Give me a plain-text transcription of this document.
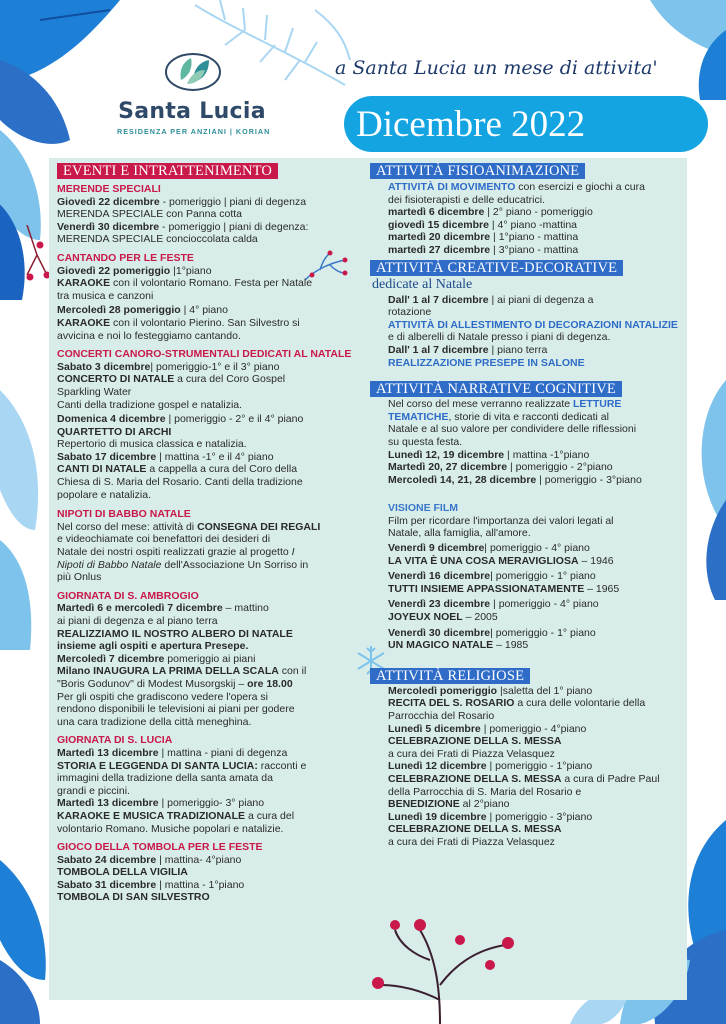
Santa Lucia
RESIDENZA PER ANZIANI | KORIAN
a Santa Lucia un mese di attivita'
Dicembre 2022
EVENTI E INTRATTENIMENTO
MERENDE SPECIALI
Giovedì 22 dicembre - pomeriggio | piani di degenza
MERENDA SPECIALE con Panna cotta
Venerdì 30 dicembre - pomeriggio | piani di degenza:
MERENDA SPECIALE concioccolata calda
CANTANDO PER LE FESTE
Giovedì 22 pomeriggio |1°piano
KARAOKE con il volontario Romano. Festa per Natale
tra musica e canzoni
Mercoledì 28 pomeriggio | 4° piano
KARAOKE con il volontario Pierino. San Silvestro si
avvicina e noi lo festeggiamo cantando.
CONCERTI CANORO-STRUMENTALI DEDICATI AL NATALE
Sabato 3 dicembre| pomeriggio-1° e il 3° piano
CONCERTO DI NATALE a cura del Coro Gospel
Sparkling Water
Canti della tradizione gospel e natalizia.
Domenica 4 dicembre | pomeriggio - 2° e il 4° piano
QUARTETTO DI ARCHI
Repertorio di musica classica e natalizia.
Sabato 17 dicembre | mattina -1° e il 4° piano
CANTI DI NATALE a cappella a cura del Coro della
Chiesa di S. Maria del Rosario. Canti della tradizione
popolare e natalizia.
NIPOTI DI BABBO NATALE
Nel corso del mese: attività di CONSEGNA DEI REGALI
e videochiamate coi benefattori dei desideri di
Natale dei nostri ospiti realizzati grazie al progetto I
Nipoti di Babbo Natale dell'Associazione Un Sorriso in
più Onlus
GIORNATA DI S. AMBROGIO
Martedì 6 e mercoledì 7 dicembre – mattino
ai piani di degenza e al piano terra
REALIZZIAMO IL NOSTRO ALBERO DI NATALE
insieme agli ospiti e apertura Presepe.
Mercoledì 7 dicembre pomeriggio ai piani
Milano INAUGURA LA PRIMA DELLA SCALA con il
"Boris Godunov" di Modest Musorgskij – ore 18.00
Per gli ospiti che gradiscono vedere l'opera si
rendono disponibili le televisioni ai piani per godere
una cara tradizione della città meneghina.
GIORNATA DI S. LUCIA
Martedì 13 dicembre | mattina - piani di degenza
STORIA E LEGGENDA DI SANTA LUCIA: racconti e
immagini della tradizione della santa amata da
grandi e piccini.
Martedì 13 dicembre | pomeriggio- 3° piano
KARAOKE E MUSICA TRADIZIONALE a cura del
volontario Romano. Musiche popolari e natalizie.
GIOCO DELLA TOMBOLA PER LE FESTE
Sabato 24 dicembre | mattina- 4°piano
TOMBOLA DELLA VIGILIA
Sabato 31 dicembre | mattina - 1°piano
TOMBOLA DI SAN SILVESTRO
ATTIVITÀ FISIOANIMAZIONE
ATTIVITÀ DI MOVIMENTO con esercizi e giochi a cura
dei fisioterapisti e delle educatrici.
martedì 6 dicembre | 2° piano - pomeriggio
giovedì 15 dicembre | 4° piano -mattina
martedì 20 dicembre | 1°piano - mattina
martedì 27 dicembre | 3°piano - mattina
ATTIVITÀ CREATIVE-DECORATIVE
dedicate al Natale
Dall' 1 al 7 dicembre | ai piani di degenza a
rotazione
ATTIVITÀ DI ALLESTIMENTO DI DECORAZIONI NATALIZIE
e di alberelli di Natale presso i piani di degenza.
Dall' 1 al 7 dicembre | piano terra
REALIZZAZIONE PRESEPE IN SALONE
ATTIVITÀ NARRATIVE COGNITIVE
Nel corso del mese verranno realizzate LETTURE
TEMATICHE, storie di vita e racconti dedicati al
Natale e al suo valore per condividere delle riflessioni
su questa festa.
Lunedì 12, 19 dicembre | mattina -1°piano
Martedì 20, 27 dicembre | pomeriggio - 2°piano
Mercoledì 14, 21, 28 dicembre | pomeriggio - 3°piano
VISIONE FILM
Film per ricordare l'importanza dei valori legati al
Natale, alla famiglia, all'amore.
Venerdì 9 dicembre| pomeriggio - 4° piano
LA VITA È UNA COSA MERAVIGLIOSA – 1946
Venerdì 16 dicembre| pomeriggio - 1° piano
TUTTI INSIEME APPASSIONATAMENTE – 1965
Venerdì 23 dicembre | pomeriggio - 4° piano
JOYEUX NOEL – 2005
Venerdì 30 dicembre| pomeriggio - 1° piano
UN MAGICO NATALE – 1985
ATTIVITÀ RELIGIOSE
Mercoledì pomeriggio |saletta del 1° piano
RECITA DEL S. ROSARIO a cura delle volontarie della
Parrocchia del Rosario
Lunedì 5 dicembre | pomeriggio - 4°piano
CELEBRAZIONE DELLA S. MESSA
a cura dei Frati di Piazza Velasquez
Lunedì 12 dicembre | pomeriggio - 1°piano
CELEBRAZIONE DELLA S. MESSA a cura di Padre Paul
della Parrocchia di S. Maria del Rosario e
BENEDIZIONE al 2°piano
Lunedì 19 dicembre | pomeriggio - 3°piano
CELEBRAZIONE DELLA S. MESSA
a cura dei Frati di Piazza Velasquez
